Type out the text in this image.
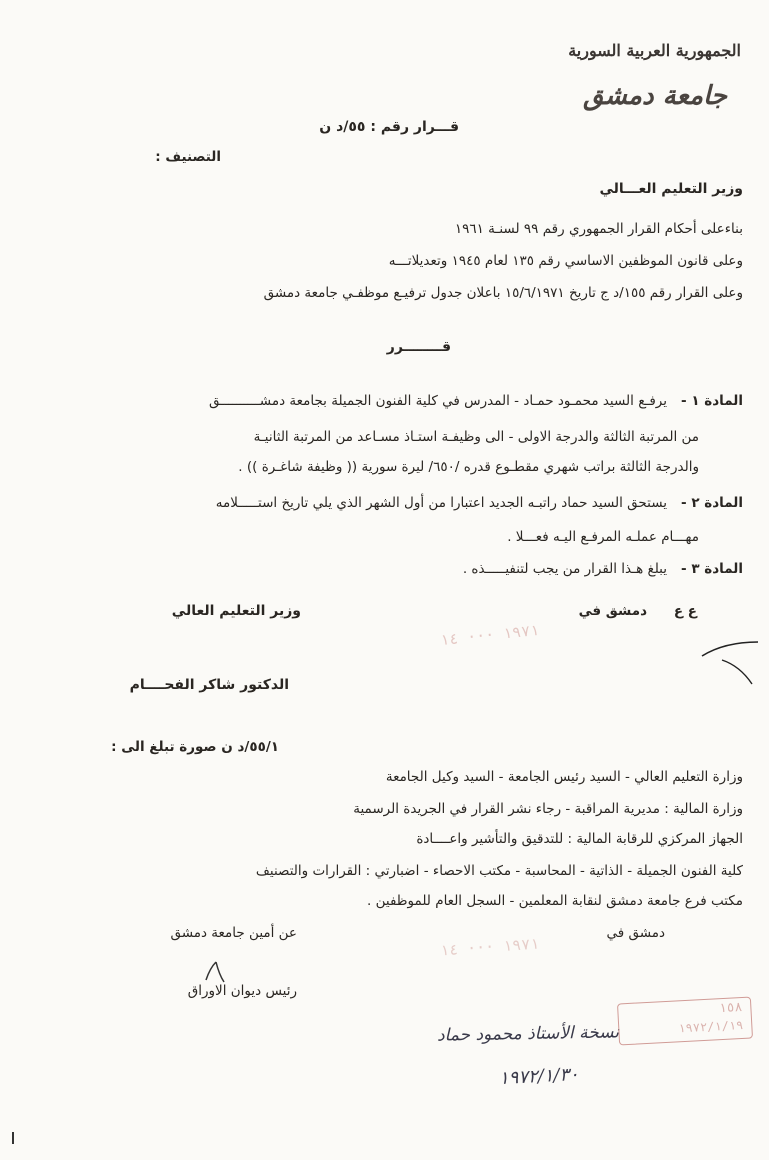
الجمهورية العربية السورية
جامعة دمشق
قـــرار رقم : ٥٥/د ن
التصنيف :
وزير التعليم العـــالي
بناءعلى أحكام القرار الجمهوري رقم ٩٩ لسنـة ١٩٦١
وعلى قانون الموظفين الاساسي رقم ١٣٥ لعام ١٩٤٥ وتعديلاتـــه
وعلى القرار رقم ١٥٥/د ج تاريخ ١٥/٦/١٩٧١ باعلان جدول ترفيـع موظفـي جامعة دمشق
قــــــــرر
المادة ١ -
يرفـع السيد محمـود حمـاد - المدرس في كلية الفنون الجميلة بجامعة دمشــــــــــق
من المرتبة الثالثة والدرجة الاولى - الى وظيفـة استـاذ مسـاعد من المرتبة الثانيـة
والدرجة الثالثة براتب شهري مقطـوع قدره /٦٥٠/ ليرة سورية (( وظيفة شاغـرة )) .
المادة ٢ -
يستحق السيد حماد راتبـه الجديد اعتبارا من أول الشهر الذي يلي تاريخ استـــــلامه
مهـــام عملـه المرفـع اليـه فعـــلا .
المادة ٣ -
يبلغ هـذا القرار من يجب لتنفيـــــذه .
ع ع
دمشق في
وزير التعليم العالي
الدكتور شاكر الفحــــام
١٩٧١ ··· ١٤
١٩٧١ ··· ١٤
٥٥/١/د ن صورة تبلغ الى :
وزارة التعليم العالي - السيد رئيس الجامعة - السيد وكيل الجامعة
وزارة المالية : مديرية المراقبة - رجاء نشر القرار في الجريدة الرسمية
الجهاز المركزي للرقابة المالية : للتدقيق والتأشير واعــــادة
كلية الفنون الجميلة - الذاتية - المحاسبة - مكتب الاحصاء - اضبارتي : القرارات والتصنيف
مكتب فرع جامعة دمشق لنقابة المعلمين - السجل العام للموظفين .
دمشق في
عن أمين جامعة دمشق
رئيس ديوان الاوراق
نسخة الأستاذ محمود حماد
١٩٧٢/١/٣٠
١٥٨
١٩٧٢/١/١٩
